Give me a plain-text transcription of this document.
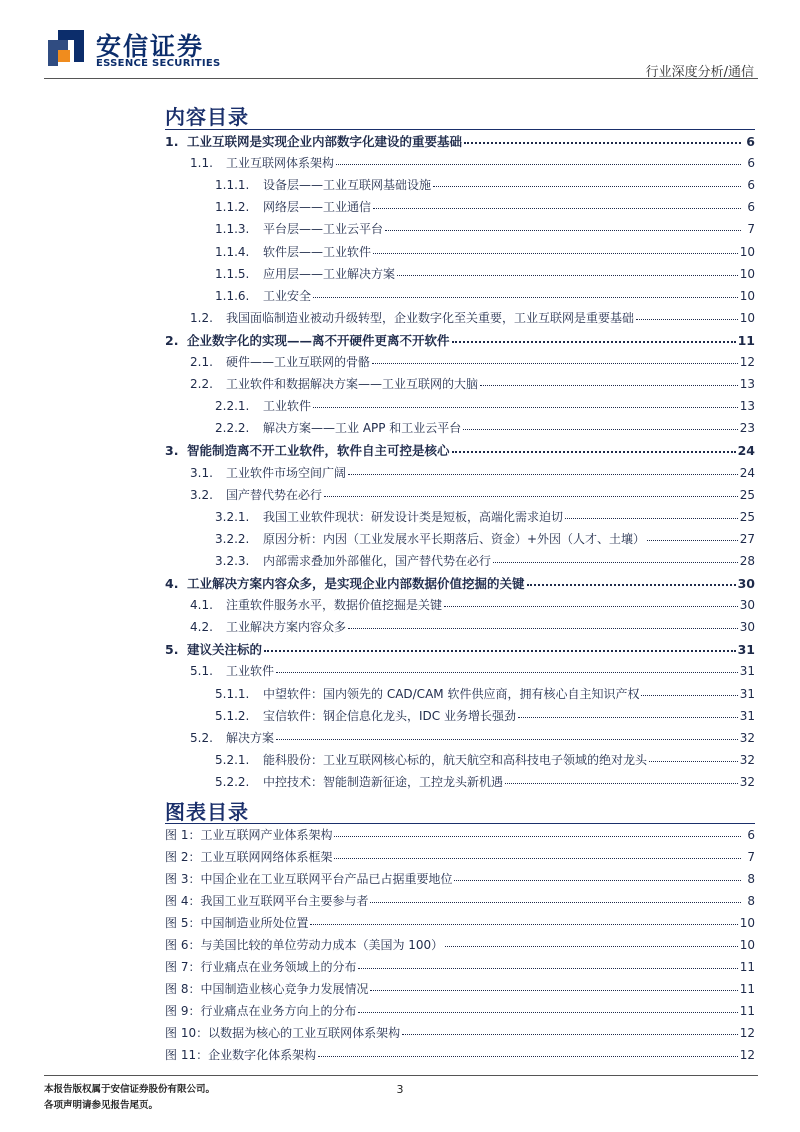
安信证券
ESSENCE SECURITIES
行业深度分析/通信
内容目录
1. 工业互联网是实现企业内部数字化建设的重要基础	6
1.1.	工业互联网体系架构	6
1.1.1.	设备层——工业互联网基础设施	6
1.1.2.	网络层——工业通信	6
1.1.3.	平台层——工业云平台	7
1.1.4.	软件层——工业软件	10
1.1.5.	应用层——工业解决方案	10
1.1.6.	工业安全	10
1.2.	我国面临制造业被动升级转型，企业数字化至关重要，工业互联网是重要基础	10
2. 企业数字化的实现——离不开硬件更离不开软件	11
2.1.	硬件——工业互联网的骨骼	12
2.2.	工业软件和数据解决方案——工业互联网的大脑	13
2.2.1.	工业软件	13
2.2.2.	解决方案——工业 APP 和工业云平台	23
3. 智能制造离不开工业软件，软件自主可控是核心	24
3.1.	工业软件市场空间广阔	24
3.2.	国产替代势在必行	25
3.2.1.	我国工业软件现状：研发设计类是短板，高端化需求迫切	25
3.2.2.	原因分析：内因（工业发展水平长期落后、资金）+外因（人才、土壤）	27
3.2.3.	内部需求叠加外部催化，国产替代势在必行	28
4. 工业解决方案内容众多，是实现企业内部数据价值挖掘的关键	30
4.1.	注重软件服务水平，数据价值挖掘是关键	30
4.2.	工业解决方案内容众多	30
5. 建议关注标的	31
5.1.	工业软件	31
5.1.1.	中望软件：国内领先的 CAD/CAM 软件供应商，拥有核心自主知识产权	31
5.1.2.	宝信软件：钢企信息化龙头，IDC 业务增长强劲	31
5.2.	解决方案	32
5.2.1.	能科股份：工业互联网核心标的，航天航空和高科技电子领域的绝对龙头	32
5.2.2.	中控技术：智能制造新征途，工控龙头新机遇	32
图表目录
图 1： 工业互联网产业体系架构	6
图 2： 工业互联网网络体系框架	7
图 3： 中国企业在工业互联网平台产品已占据重要地位	8
图 4： 我国工业互联网平台主要参与者	8
图 5： 中国制造业所处位置	10
图 6： 与美国比较的单位劳动力成本（美国为 100）	10
图 7： 行业痛点在业务领域上的分布	11
图 8： 中国制造业核心竞争力发展情况	11
图 9： 行业痛点在业务方向上的分布	11
图 10： 以数据为核心的工业互联网体系架构	12
图 11： 企业数字化体系架构	12
本报告版权属于安信证券股份有限公司。
各项声明请参见报告尾页。
3
